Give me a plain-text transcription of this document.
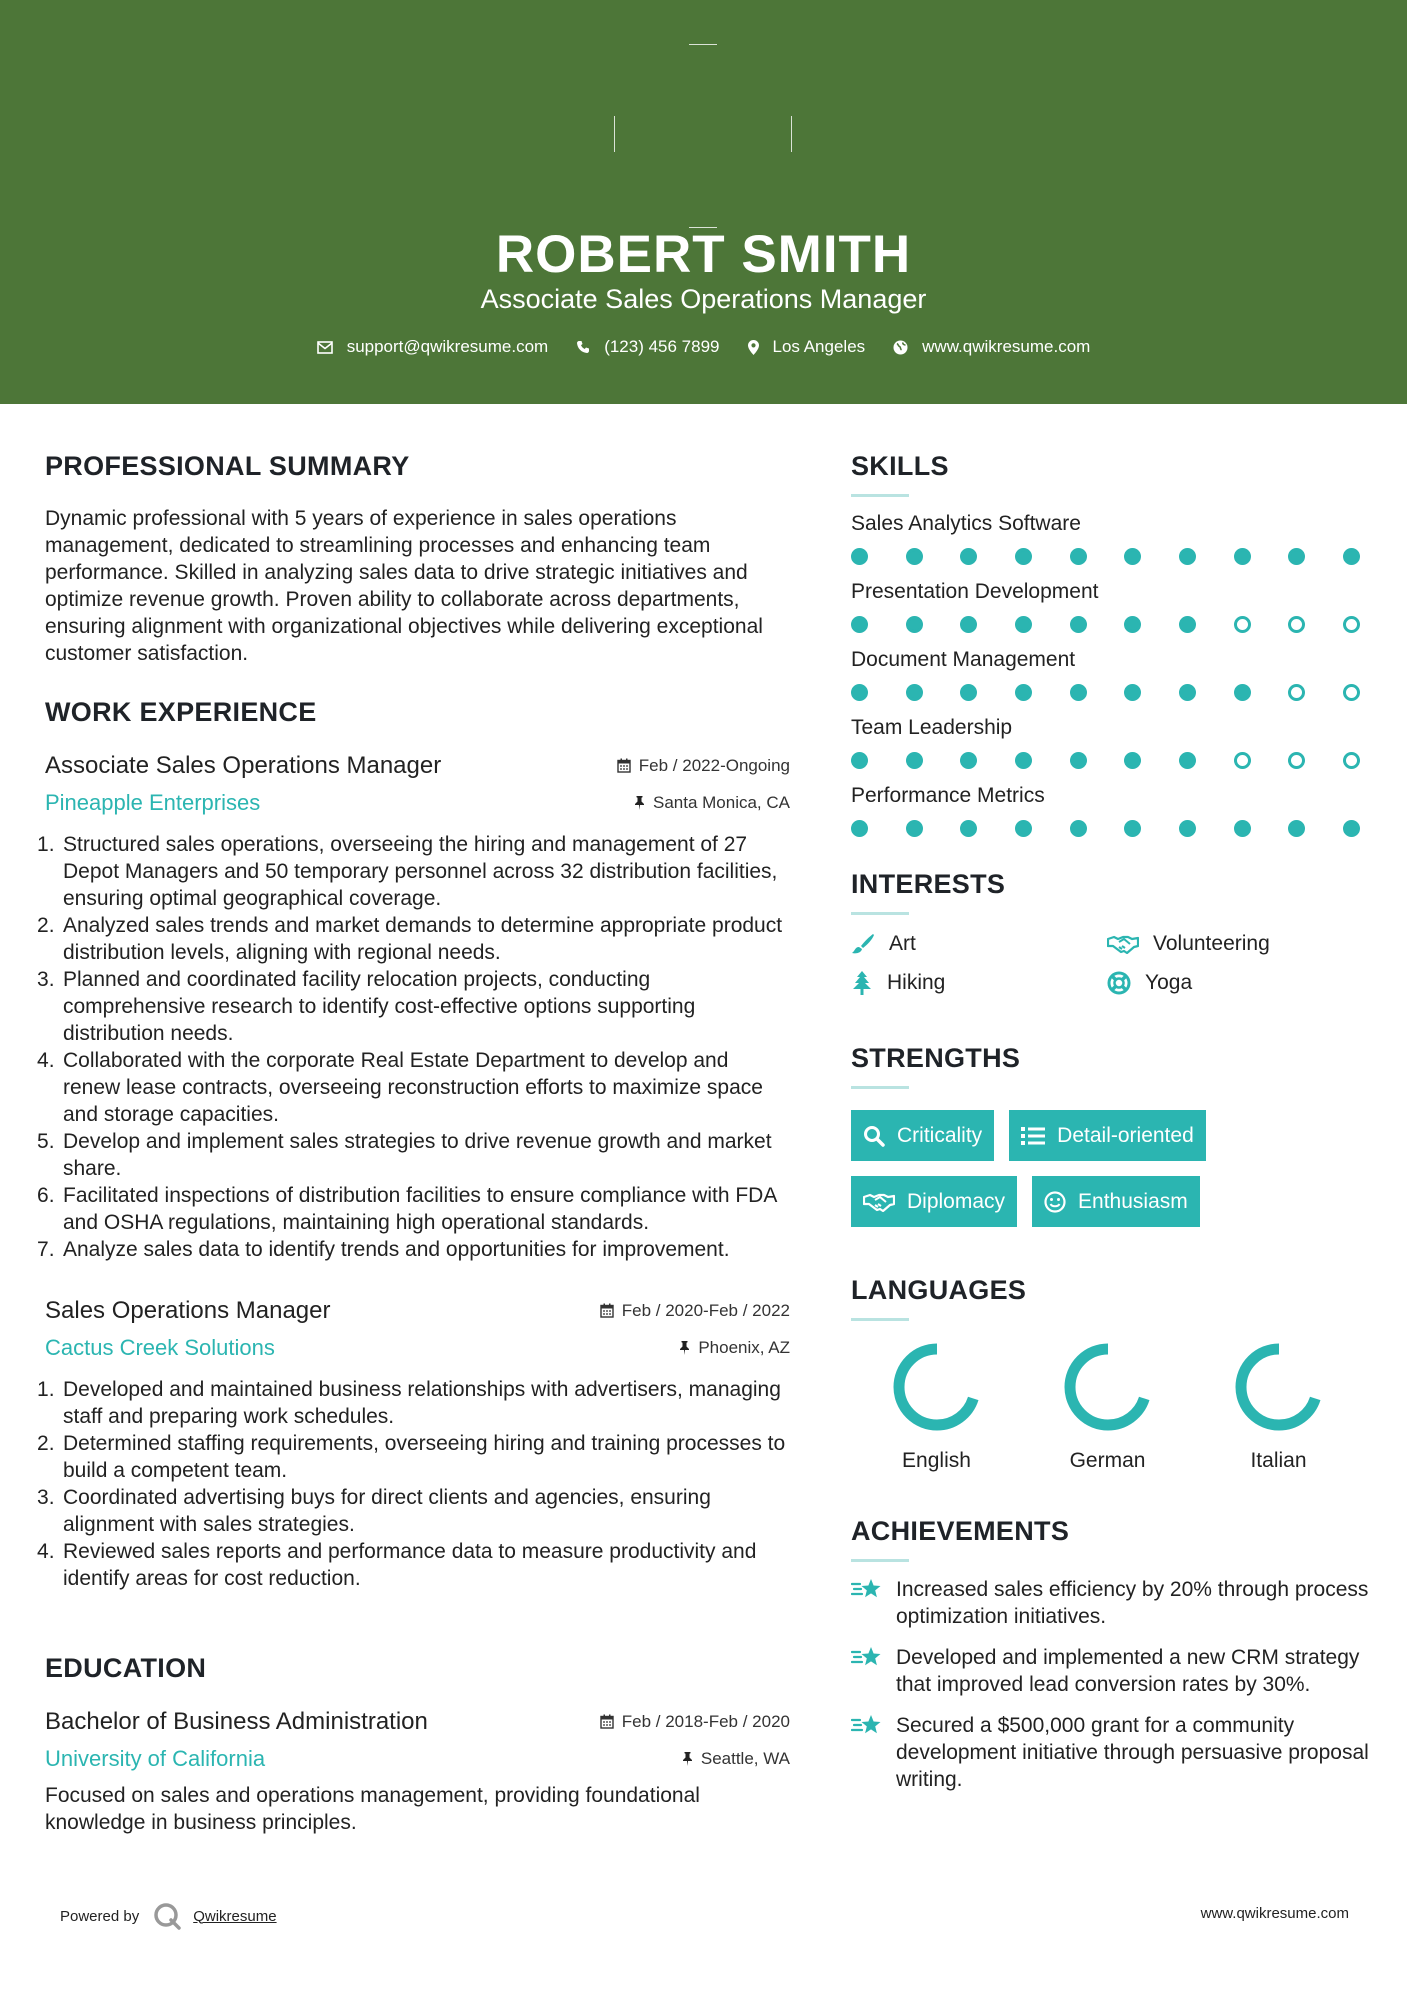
ROBERT SMITH
Associate Sales Operations Manager
support@qwikresume.com	(123) 456 7899	Los Angeles	www.qwikresume.com
PROFESSIONAL SUMMARY
Dynamic professional with 5 years of experience in sales operations management, dedicated to streamlining processes and enhancing team performance. Skilled in analyzing sales data to drive strategic initiatives and optimize revenue growth. Proven ability to collaborate across departments, ensuring alignment with organizational objectives while delivering exceptional customer satisfaction.
WORK EXPERIENCE
Associate Sales Operations Manager	Feb / 2022-Ongoing
Pineapple Enterprises	Santa Monica, CA
Structured sales operations, overseeing the hiring and management of 27 Depot Managers and 50 temporary personnel across 32 distribution facilities, ensuring optimal geographical coverage.
Analyzed sales trends and market demands to determine appropriate product distribution levels, aligning with regional needs.
Planned and coordinated facility relocation projects, conducting comprehensive research to identify cost-effective options supporting distribution needs.
Collaborated with the corporate Real Estate Department to develop and renew lease contracts, overseeing reconstruction efforts to maximize space and storage capacities.
Develop and implement sales strategies to drive revenue growth and market share.
Facilitated inspections of distribution facilities to ensure compliance with FDA and OSHA regulations, maintaining high operational standards.
Analyze sales data to identify trends and opportunities for improvement.
Sales Operations Manager	Feb / 2020-Feb / 2022
Cactus Creek Solutions	Phoenix, AZ
Developed and maintained business relationships with advertisers, managing staff and preparing work schedules.
Determined staffing requirements, overseeing hiring and training processes to build a competent team.
Coordinated advertising buys for direct clients and agencies, ensuring alignment with sales strategies.
Reviewed sales reports and performance data to measure productivity and identify areas for cost reduction.
EDUCATION
Bachelor of Business Administration	Feb / 2018-Feb / 2020
University of California	Seattle, WA
Focused on sales and operations management, providing foundational knowledge in business principles.
SKILLS
Sales Analytics Software
Presentation Development
Document Management
Team Leadership
Performance Metrics
INTERESTS
Art	Volunteering
Hiking	Yoga
STRENGTHS
Criticality	Detail-oriented
Diplomacy	Enthusiasm
LANGUAGES
English	German	Italian
ACHIEVEMENTS
Increased sales efficiency by 20% through process optimization initiatives.
Developed and implemented a new CRM strategy that improved lead conversion rates by 30%.
Secured a $500,000 grant for a community development initiative through persuasive proposal writing.
Powered by	Qwikresume	www.qwikresume.com
